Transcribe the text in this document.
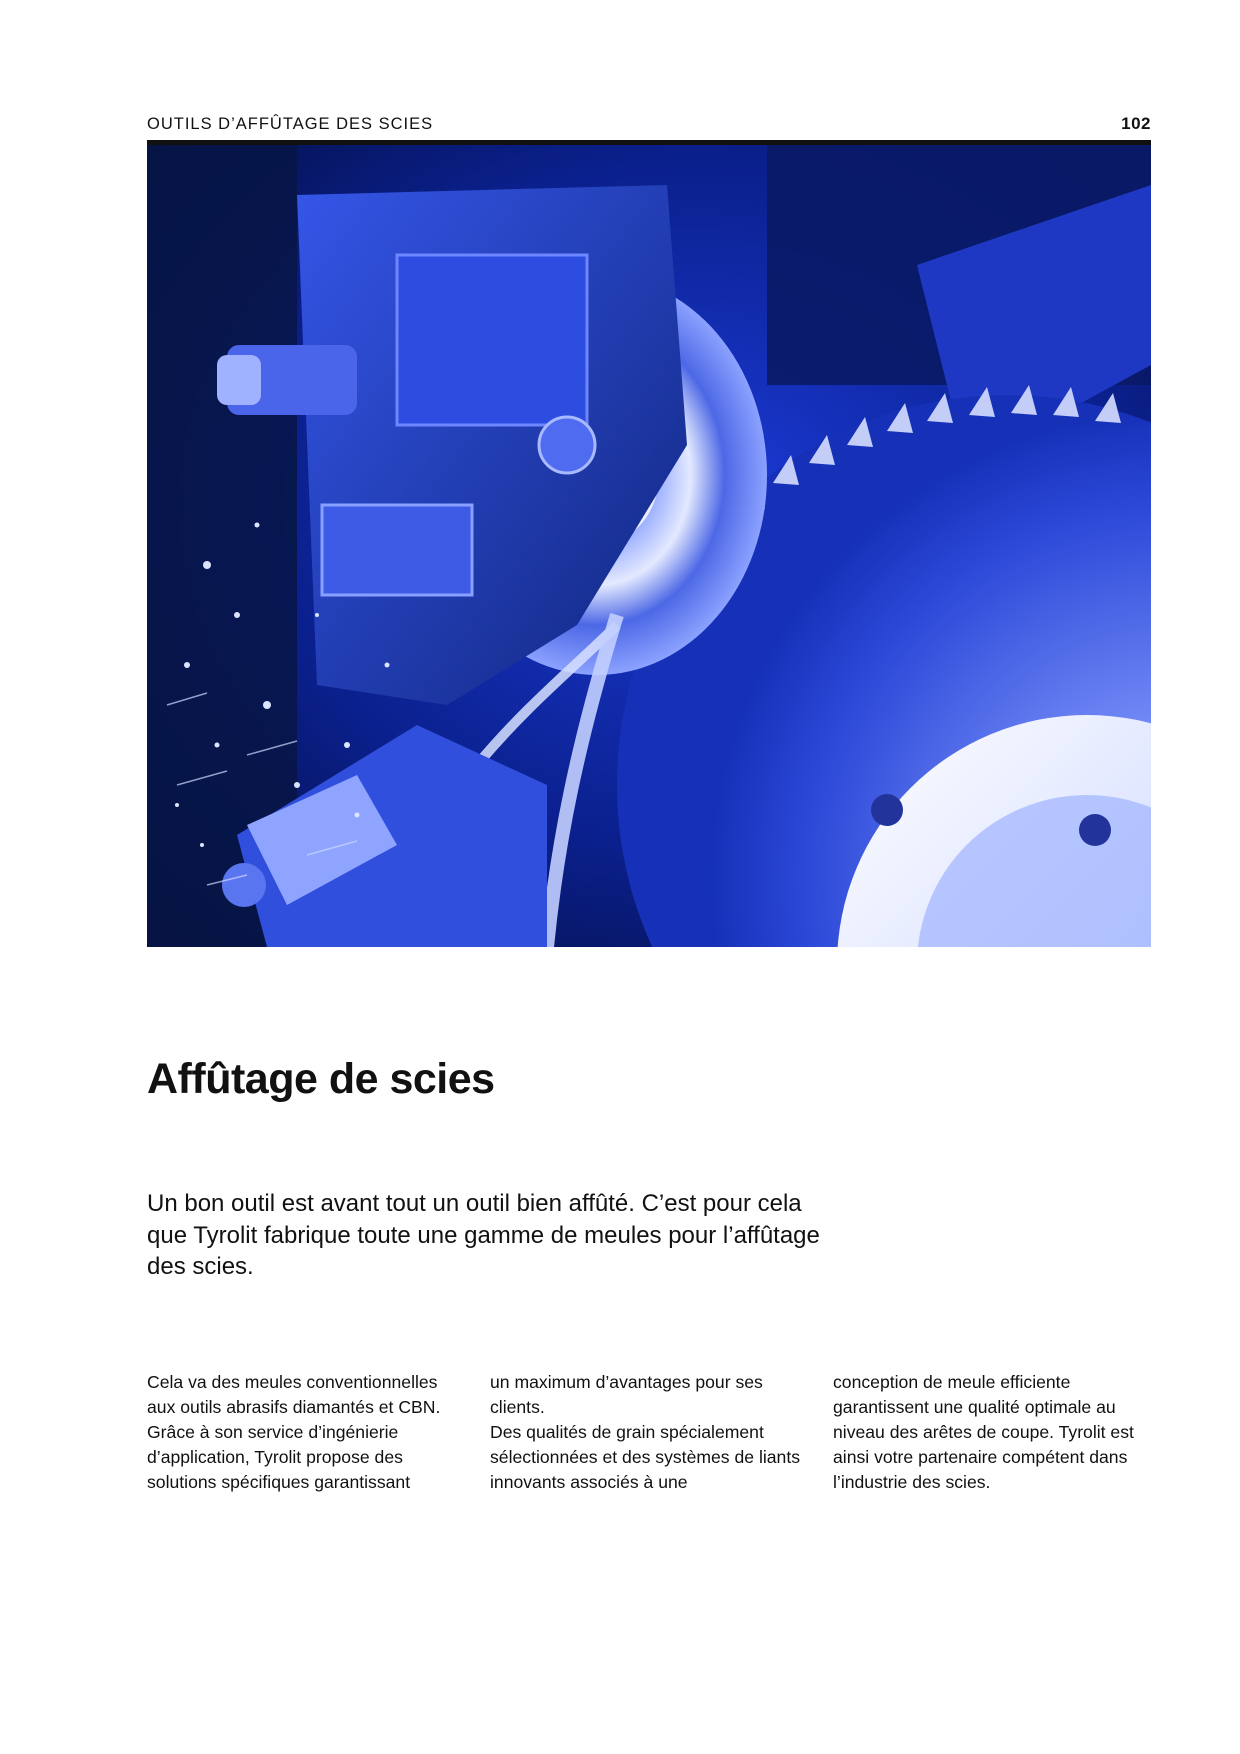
OUTILS D’AFFÛTAGE DES SCIES	102
Affûtage de scies

Un bon outil est avant tout un outil bien affûté. C’est pour cela que Tyrolit fabrique toute une gamme de meules pour l’affûtage des scies.

Cela va des meules conventionnelles aux outils abrasifs diamantés et CBN. Grâce à son service d’ingénierie d’application, Tyrolit propose des solutions spécifiques garantissant

un maximum d’avantages pour ses clients.
Des qualités de grain spécialement sélectionnées et des systèmes de liants innovants associés à une

conception de meule efficiente garantissent une qualité optimale au niveau des arêtes de coupe. Tyrolit est ainsi votre partenaire compétent dans l’industrie des scies.
